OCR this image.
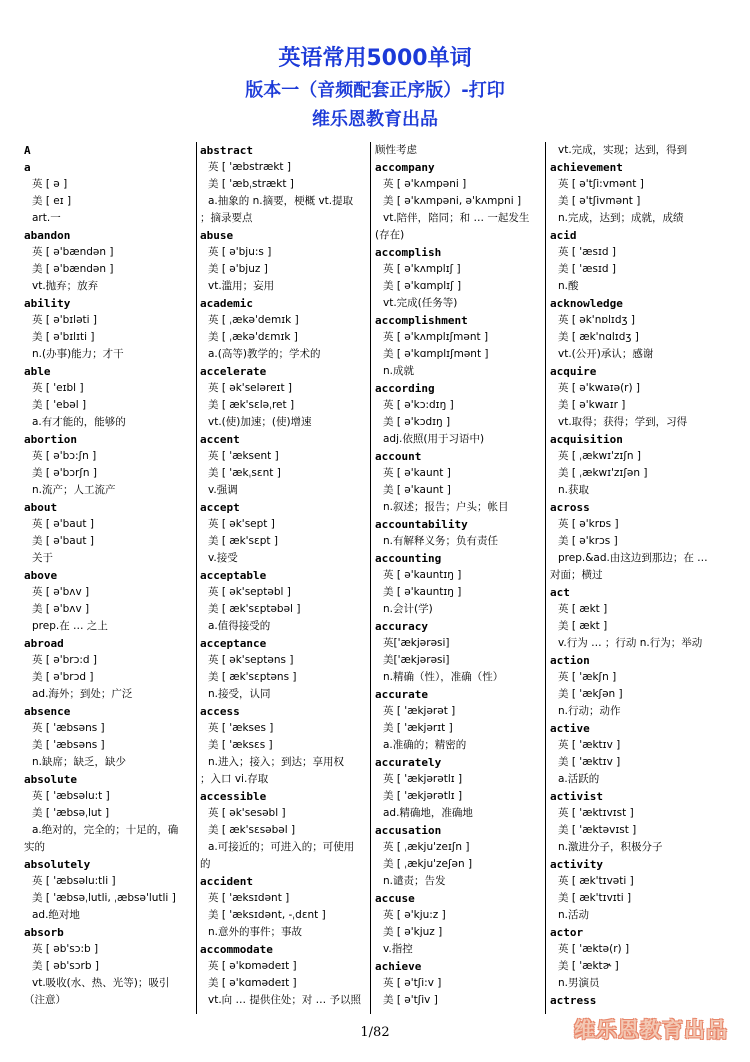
英语常用5000单词
版本一（音频配套正序版）-打印
维乐恩教育出品
A
a
英 [ ə ]
美 [ eɪ ]
art.一
abandon
英 [ ə'bændən ]
美 [ ə'bændən ]
vt.抛弃；放弃
ability
英 [ ə'bɪləti ]
美 [ ə'bɪlɪti ]
n.(办事)能力；才干
able
英 [ 'eɪbl ]
美 [ 'ebəl ]
a.有才能的，能够的
abortion
英 [ ə'bɔ:ʃn ]
美 [ ə'bɔrʃn ]
n.流产；人工流产
about
英 [ ə'baut ]
美 [ ə'baut ]
关于
above
英 [ ə'bʌv ]
美 [ ə'bʌv ]
prep.在 … 之上
abroad
英 [ ə'brɔ:d ]
美 [ ə'brɔd ]
ad.海外；到处；广泛
absence
英 [ 'æbsəns ]
美 [ 'æbsəns ]
n.缺席；缺乏，缺少
absolute
英 [ 'æbsəlu:t ]
美 [ 'æbsəˌlut ]
a.绝对的，完全的；十足的，确
实的
absolutely
英 [ 'æbsəlu:tli ]
美 [ 'æbsəˌlutli, ˌæbsə'lutli ]
ad.绝对地
absorb
英 [ əb'sɔ:b ]
美 [ əb'sɔrb ]
vt.吸收(水、热、光等)；吸引
（注意）
abstract
英 [ 'æbstrækt ]
美 [ 'æbˌstrækt ]
a.抽象的 n.摘要，梗概 vt.提取
；摘录要点
abuse
英 [ ə'bju:s ]
美 [ ə'bjuz ]
vt.滥用；妄用
academic
英 [ ˌækə'demɪk ]
美 [ ˌækə'dɛmɪk ]
a.(高等)教学的；学术的
accelerate
英 [ ək'seləreɪt ]
美 [ æk'sɛləˌret ]
vt.(使)加速；(使)增速
accent
英 [ 'æksent ]
美 [ 'ækˌsɛnt ]
v.强调
accept
英 [ ək'sept ]
美 [ æk'sɛpt ]
v.接受
acceptable
英 [ ək'septəbl ]
美 [ æk'sɛptəbəl ]
a.值得接受的
acceptance
英 [ ək'septəns ]
美 [ æk'sɛptəns ]
n.接受，认同
access
英 [ 'ækses ]
美 [ 'æksɛs ]
n.进入；接入；到达；享用权
；入口 vi.存取
accessible
英 [ ək'sesəbl ]
美 [ æk'sɛsəbəl ]
a.可接近的；可进入的；可使用
的
accident
英 [ 'æksɪdənt ]
美 [ 'æksɪdənt, -ˌdɛnt ]
n.意外的事件；事故
accommodate
英 [ ə'kɒmədeɪt ]
美 [ ə'kɑmədeɪt ]
vt.向 … 提供住处；对 … 予以照
顾性考虑
accompany
英 [ ə'kʌmpəni ]
美 [ ə'kʌmpəni, ə'kʌmpni ]
vt.陪伴，陪同；和 … 一起发生
(存在)
accomplish
英 [ ə'kʌmplɪʃ ]
美 [ ə'kɑmplɪʃ ]
vt.完成(任务等)
accomplishment
英 [ ə'kʌmplɪʃmənt ]
美 [ ə'kɑmplɪʃmənt ]
n.成就
according
英 [ ə'kɔ:dɪŋ ]
美 [ ə'kɔdɪŋ ]
adj.依照(用于习语中)
account
英 [ ə'kaunt ]
美 [ ə'kaunt ]
n.叙述；报告；户头；帐目
accountability
n.有解释义务；负有责任
accounting
英 [ ə'kauntɪŋ ]
美 [ ə'kauntɪŋ ]
n.会计(学)
accuracy
英['ækjərəsi]
美['ækjərəsi]
n.精确（性），准确（性）
accurate
英 [ 'ækjərət ]
美 [ 'ækjərɪt ]
a.准确的；精密的
accurately
英 [ 'ækjərətlɪ ]
美 [ 'ækjərətlɪ ]
ad.精确地，准确地
accusation
英 [ ˌækju'zeɪʃn ]
美 [ ˌækju'zeʃən ]
n.谴责；告发
accuse
英 [ ə'kju:z ]
美 [ ə'kjuz ]
v.指控
achieve
英 [ ə'tʃi:v ]
美 [ ə'tʃiv ]
vt.完成，实现；达到，得到
achievement
英 [ ə'tʃi:vmənt ]
美 [ ə'tʃivmənt ]
n.完成，达到；成就，成绩
acid
英 [ 'æsɪd ]
美 [ 'æsɪd ]
n.酸
acknowledge
英 [ ək'nɒlɪdʒ ]
美 [ æk'nɑlɪdʒ ]
vt.(公开)承认；感谢
acquire
英 [ ə'kwaɪə(r) ]
美 [ ə'kwaɪr ]
vt.取得；获得；学到，习得
acquisition
英 [ ˌækwɪ'zɪʃn ]
美 [ ˌækwɪ'zɪʃən ]
n.获取
across
英 [ ə'krɒs ]
美 [ ə'krɔs ]
prep.&ad.由这边到那边；在 …
对面；横过
act
英 [ ækt ]
美 [ ækt ]
v.行为 … ；行动 n.行为；举动
action
英 [ 'ækʃn ]
美 [ 'ækʃən ]
n.行动；动作
active
英 [ 'æktɪv ]
美 [ 'æktɪv ]
a.活跃的
activist
英 [ 'æktɪvɪst ]
美 [ 'æktəvɪst ]
n.激进分子，积极分子
activity
英 [ æk'tɪvəti ]
美 [ æk'tɪvɪti ]
n.活动
actor
英 [ 'æktə(r) ]
美 [ 'æktɚ ]
n.男演员
actress
1/82	维乐恩教育出品
